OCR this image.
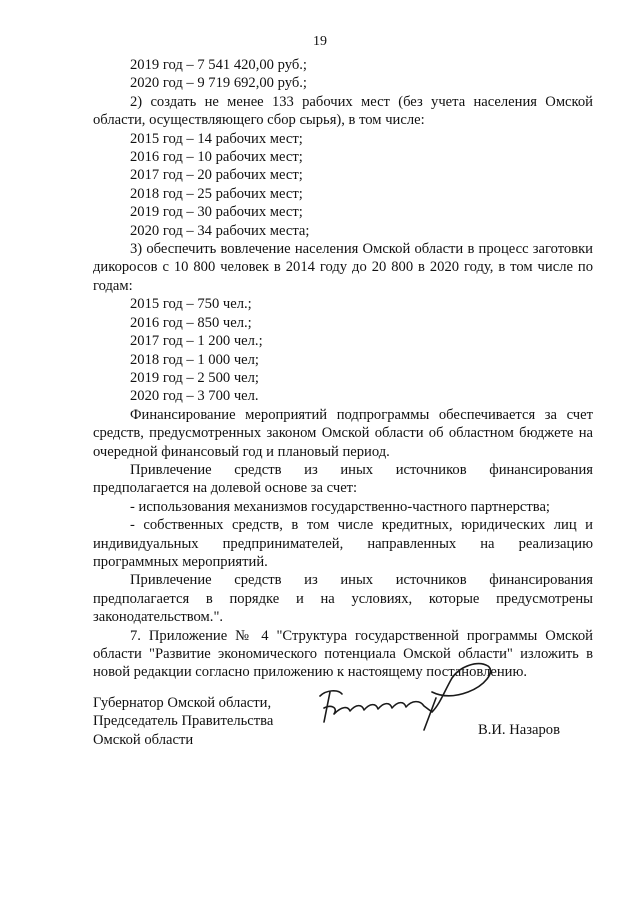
19

2019 год – 7 541 420,00 руб.;

2020 год – 9 719 692,00 руб.;

2) создать не менее 133 рабочих мест (без учета населения Омской области, осуществляющего сбор сырья), в том числе:

2015 год – 14 рабочих мест;

2016 год – 10 рабочих мест;

2017 год – 20 рабочих мест;

2018 год – 25 рабочих мест;

2019 год – 30 рабочих мест;

2020 год – 34 рабочих места;

3) обеспечить вовлечение населения Омской области в процесс заготовки дикоросов с 10 800 человек в 2014 году до 20 800 в 2020 году, в том числе по годам:

2015 год – 750 чел.;

2016 год – 850 чел.;

2017 год – 1 200 чел.;

2018 год – 1 000 чел;

2019 год – 2 500 чел;

2020 год – 3 700 чел.

Финансирование мероприятий подпрограммы обеспечивается за счет средств, предусмотренных законом Омской области об областном бюджете на очередной финансовый год и плановый период.

Привлечение средств из иных источников финансирования предполагается на долевой основе за счет:

- использования механизмов государственно-частного партнерства;

- собственных средств, в том числе кредитных, юридических лиц и индивидуальных предпринимателей, направленных на реализацию программных мероприятий.

Привлечение средств из иных источников финансирования предполагается в порядке и на условиях, которые предусмотрены законодательством.".

7. Приложение № 4 "Структура государственной программы Омской области "Развитие экономического потенциала Омской области" изложить в новой редакции согласно приложению к настоящему постановлению.

Губернатор Омской области,

Председатель Правительства

Омской области

В.И. Назаров
